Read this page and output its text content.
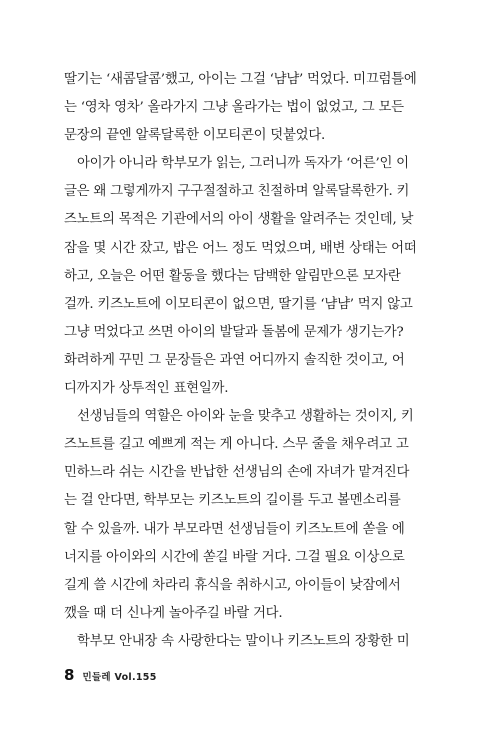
딸기는 ‘새콤달콤’했고, 아이는 그걸 ‘냠냠’ 먹었다. 미끄럼틀에
는 ‘영차 영차’ 올라가지 그냥 올라가는 법이 없었고, 그 모든
문장의 끝엔 알록달록한 이모티콘이 덧붙었다.
아이가 아니라 학부모가 읽는, 그러니까 독자가 ‘어른’인 이
글은 왜 그렇게까지 구구절절하고 친절하며 알록달록한가. 키
즈노트의 목적은 기관에서의 아이 생활을 알려주는 것인데, 낮
잠을 몇 시간 잤고, 밥은 어느 정도 먹었으며, 배변 상태는 어떠
하고, 오늘은 어떤 활동을 했다는 담백한 알림만으론 모자란
걸까. 키즈노트에 이모티콘이 없으면, 딸기를 ‘냠냠’ 먹지 않고
그냥 먹었다고 쓰면 아이의 발달과 돌봄에 문제가 생기는가?
화려하게 꾸민 그 문장들은 과연 어디까지 솔직한 것이고, 어
디까지가 상투적인 표현일까.
선생님들의 역할은 아이와 눈을 맞추고 생활하는 것이지, 키
즈노트를 길고 예쁘게 적는 게 아니다. 스무 줄을 채우려고 고
민하느라 쉬는 시간을 반납한 선생님의 손에 자녀가 맡겨진다
는 걸 안다면, 학부모는 키즈노트의 길이를 두고 볼멘소리를
할 수 있을까. 내가 부모라면 선생님들이 키즈노트에 쏟을 에
너지를 아이와의 시간에 쏟길 바랄 거다. 그걸 필요 이상으로
길게 쓸 시간에 차라리 휴식을 취하시고, 아이들이 낮잠에서
깼을 때 더 신나게 놀아주길 바랄 거다.
학부모 안내장 속 사랑한다는 말이나 키즈노트의 장황한 미
8 민들레 Vol.155
